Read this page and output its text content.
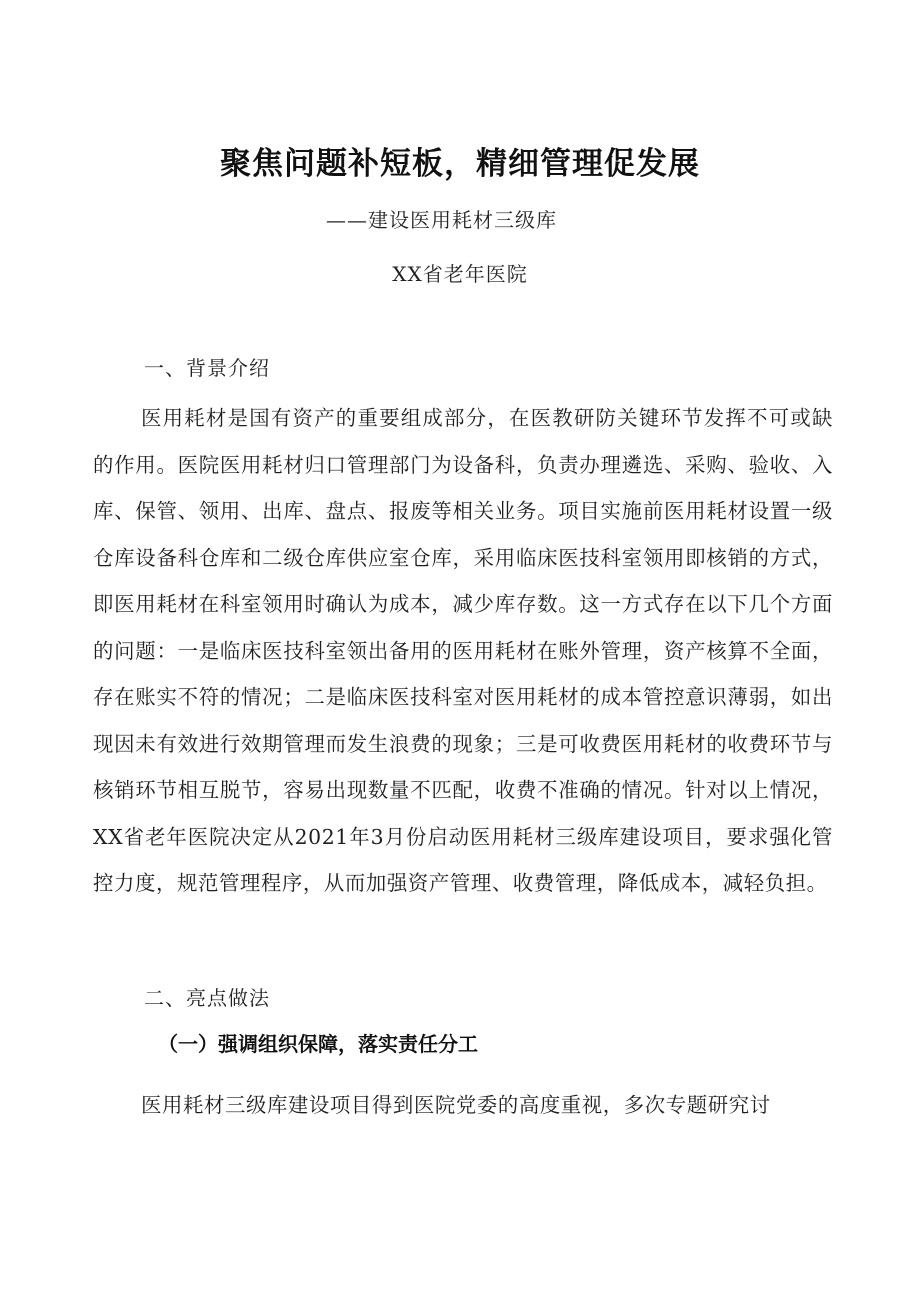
聚焦问题补短板，精细管理促发展
——建设医用耗材三级库
XX省老年医院
一、背景介绍

医用耗材是国有资产的重要组成部分，在医教研防关键环节发挥不可或缺的作用。医院医用耗材归口管理部门为设备科，负责办理遴选、采购、验收、入库、保管、领用、出库、盘点、报废等相关业务。项目实施前医用耗材设置一级仓库设备科仓库和二级仓库供应室仓库，采用临床医技科室领用即核销的方式，即医用耗材在科室领用时确认为成本，减少库存数。这一方式存在以下几个方面的问题：一是临床医技科室领出备用的医用耗材在账外管理，资产核算不全面，存在账实不符的情况；二是临床医技科室对医用耗材的成本管控意识薄弱，如出现因未有效进行效期管理而发生浪费的现象；三是可收费医用耗材的收费环节与核销环节相互脱节，容易出现数量不匹配，收费不准确的情况。针对以上情况，XX省老年医院决定从2021年3月份启动医用耗材三级库建设项目，要求强化管控力度，规范管理程序，从而加强资产管理、收费管理，降低成本，减轻负担。

二、亮点做法
（一）强调组织保障，落实责任分工

医用耗材三级库建设项目得到医院党委的高度重视，多次专题研究讨
